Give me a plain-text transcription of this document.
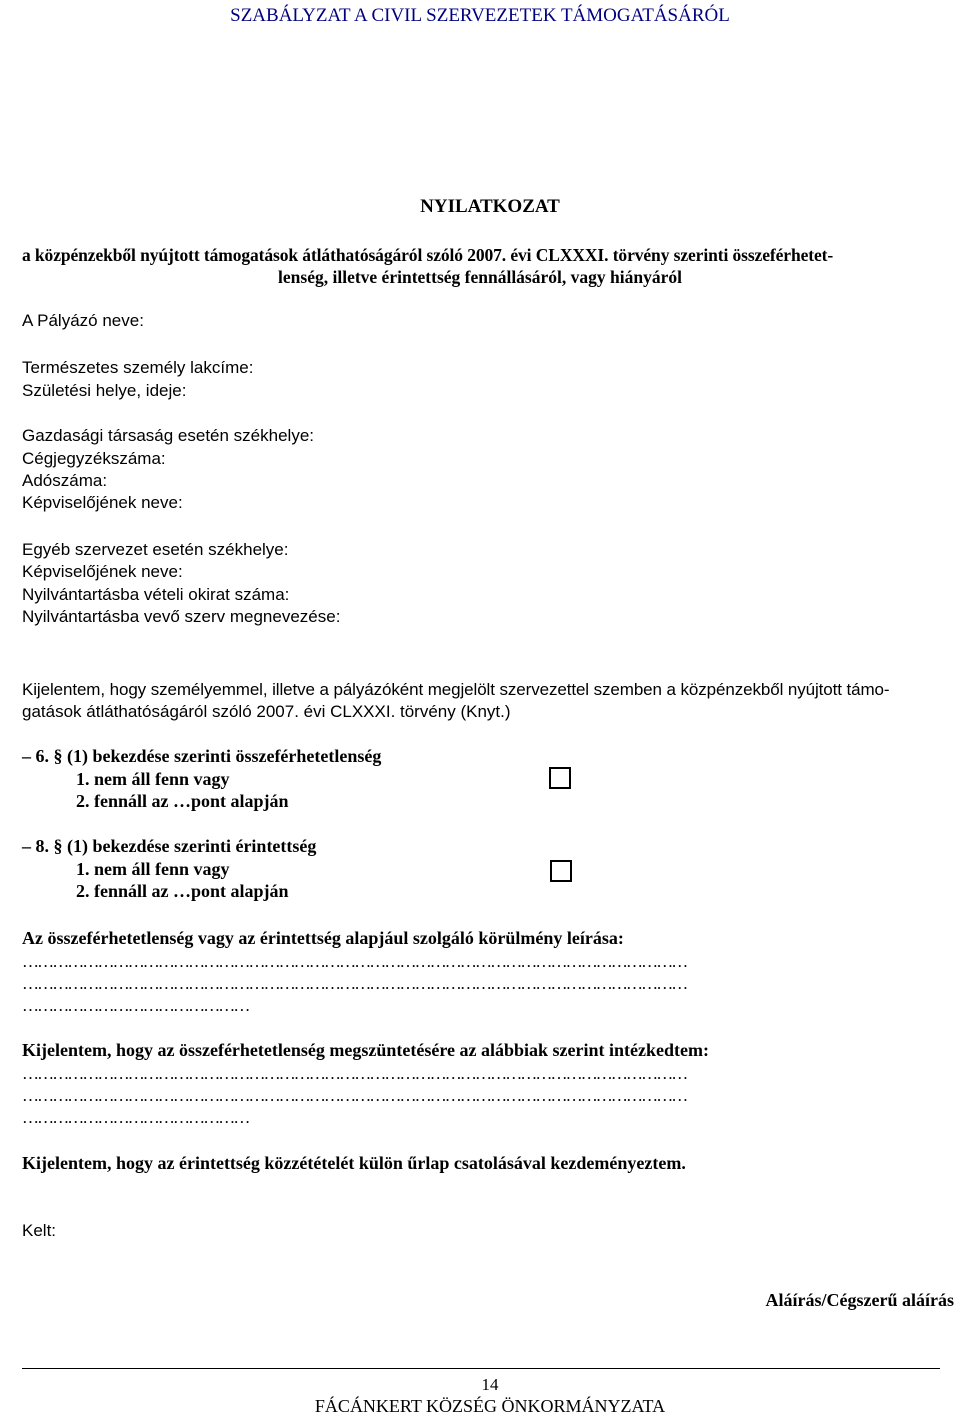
SZABÁLYZAT A CIVIL SZERVEZETEK TÁMOGATÁSÁRÓL
NYILATKOZAT
a közpénzekből nyújtott támogatások átláthatóságáról szóló 2007. évi CLXXXI. törvény szerinti összeférhetet-
lenség, illetve érintettség fennállásáról, vagy hiányáról
A Pályázó neve:
Természetes személy lakcíme:
Születési helye, ideje:
Gazdasági társaság esetén székhelye:
Cégjegyzékszáma:
Adószáma:
Képviselőjének neve:
Egyéb szervezet esetén székhelye:
Képviselőjének neve:
Nyilvántartásba vételi okirat száma:
Nyilvántartásba vevő szerv megnevezése:
Kijelentem, hogy személyemmel, illetve a pályázóként megjelölt szervezettel szemben a közpénzekből nyújtott támo-
gatások átláthatóságáról szóló 2007. évi CLXXXI. törvény (Knyt.)
– 6. § (1) bekezdése szerinti összeférhetetlenség
1. nem áll fenn vagy
2. fennáll az …pont alapján
– 8. § (1) bekezdése szerinti érintettség
1. nem áll fenn vagy
2. fennáll az …pont alapján
Az összeférhetetlenség vagy az érintettség alapjául szolgáló körülmény leírása:
……………………………………………………………………………………………………………………
……………………………………………………………………………………………………………………
………………………………………
Kijelentem, hogy az összeférhetetlenség megszüntetésére az alábbiak szerint intézkedtem:
……………………………………………………………………………………………………………………
……………………………………………………………………………………………………………………
………………………………………
Kijelentem, hogy az érintettség közzétételét külön űrlap csatolásával kezdeményeztem.
Kelt:
Aláírás/Cégszerű aláírás
14
FÁCÁNKERT KÖZSÉG ÖNKORMÁNYZATA
